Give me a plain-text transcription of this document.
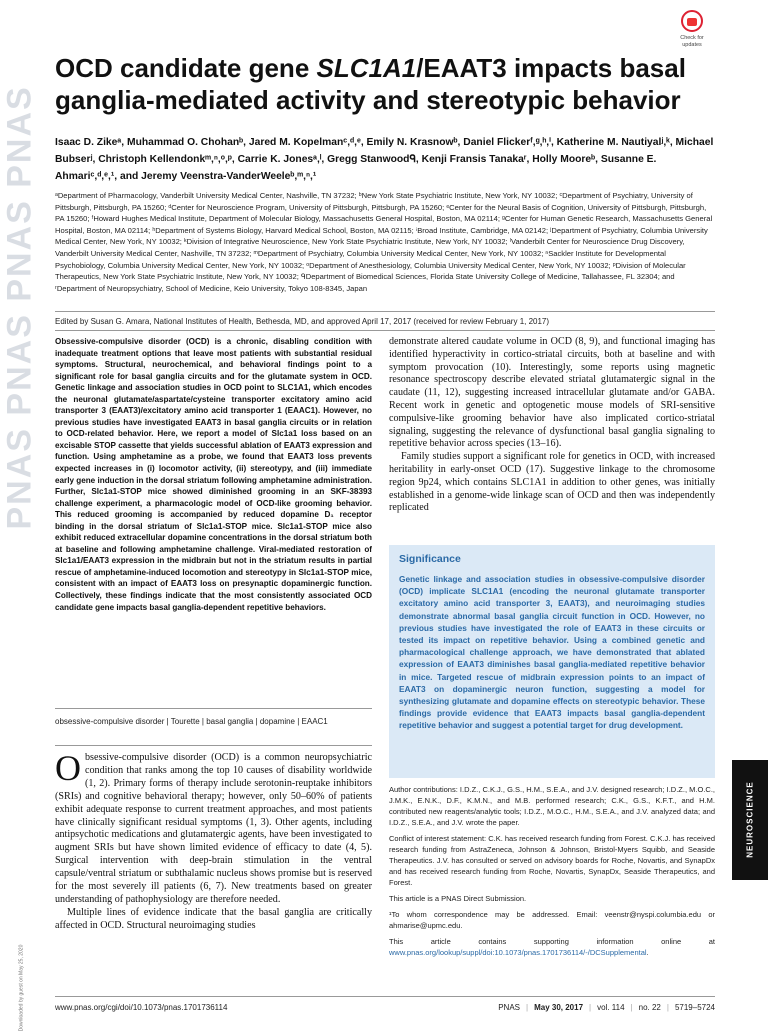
PNAS PNAS PNAS PNAS
Downloaded by guest on May 25, 2020
Check for updates
OCD candidate gene SLC1A1/EAAT3 impacts basal ganglia-mediated activity and stereotypic behavior
Isaac D. Zikeᵃ, Muhammad O. Chohanᵇ, Jared M. Kopelmanᶜ,ᵈ,ᵉ, Emily N. Krasnowᵇ, Daniel Flickerᶠ,ᵍ,ʰ,ⁱ, Katherine M. Nautiyalʲ,ᵏ, Michael Bubserʲ, Christoph Kellendonkᵐ,ⁿ,ᵒ,ᵖ, Carrie K. Jonesᵃ,ˡ, Gregg Stanwoodᑫ, Kenji Fransis Tanakaʳ, Holly Mooreᵇ, Susanne E. Ahmariᶜ,ᵈ,ᵉ,¹, and Jeremy Veenstra-VanderWeeleᵇ,ᵐ,ⁿ,¹
ᵃDepartment of Pharmacology, Vanderbilt University Medical Center, Nashville, TN 37232; ᵇNew York State Psychiatric Institute, New York, NY 10032; ᶜDepartment of Psychiatry, University of Pittsburgh, Pittsburgh, PA 15260; ᵈCenter for Neuroscience Program, University of Pittsburgh, Pittsburgh, PA 15260; ᵉCenter for the Neural Basis of Cognition, University of Pittsburgh, Pittsburgh, PA 15260; ᶠHoward Hughes Medical Institute, Department of Molecular Biology, Massachusetts General Hospital, Boston, MA 02114; ᵍCenter for Human Genetic Research, Massachusetts General Hospital, Boston, MA 02114; ʰDepartment of Systems Biology, Harvard Medical School, Boston, MA 02115; ⁱBroad Institute, Cambridge, MA 02142; ʲDepartment of Psychiatry, Columbia University Medical Center, New York, NY 10032; ᵏDivision of Integrative Neuroscience, New York State Psychiatric Institute, New York, NY 10032; ˡVanderbilt Center for Neuroscience Drug Discovery, Vanderbilt University Medical Center, Nashville, TN 37232; ᵐDepartment of Psychiatry, Columbia University Medical Center, New York, NY 10032; ⁿSackler Institute for Developmental Psychobiology, Columbia University Medical Center, New York, NY 10032; ᵒDepartment of Anesthesiology, Columbia University Medical Center, New York, NY 10032; ᵖDivision of Molecular Therapeutics, New York State Psychiatric Institute, New York, NY 10032; ᑫDepartment of Biomedical Sciences, Florida State University College of Medicine, Tallahassee, FL 32304; and ʳDepartment of Neuropsychiatry, School of Medicine, Keio University, Tokyo 108-8345, Japan
Edited by Susan G. Amara, National Institutes of Health, Bethesda, MD, and approved April 17, 2017 (received for review February 1, 2017)
Obsessive-compulsive disorder (OCD) is a chronic, disabling condition with inadequate treatment options that leave most patients with substantial residual symptoms. Structural, neurochemical, and behavioral findings point to a significant role for basal ganglia circuits and for the glutamate system in OCD. Genetic linkage and association studies in OCD point to SLC1A1, which encodes the neuronal glutamate/aspartate/cysteine transporter excitatory amino acid transporter 3 (EAAT3)/excitatory amino acid transporter 1 (EAAC1). However, no previous studies have investigated EAAT3 in basal ganglia circuits or in relation to OCD-related behavior. Here, we report a model of Slc1a1 loss based on an excisable STOP cassette that yields successful ablation of EAAT3 expression and function. Using amphetamine as a probe, we found that EAAT3 loss prevents expected increases in (i) locomotor activity, (ii) stereotypy, and (iii) immediate early gene induction in the dorsal striatum following amphetamine administration. Further, Slc1a1-STOP mice showed diminished grooming in an SKF-38393 challenge experiment, a pharmacologic model of OCD-like grooming behavior. This reduced grooming is accompanied by reduced dopamine D₁ receptor binding in the dorsal striatum of Slc1a1-STOP mice. Slc1a1-STOP mice also exhibit reduced extracellular dopamine concentrations in the dorsal striatum both at baseline and following amphetamine challenge. Viral-mediated restoration of Slc1a1/EAAT3 expression in the midbrain but not in the striatum results in partial rescue of amphetamine-induced locomotion and stereotypy in Slc1a1-STOP mice, consistent with an impact of EAAT3 loss on presynaptic dopaminergic function. Collectively, these findings indicate that the most consistently associated OCD candidate gene impacts basal ganglia-dependent repetitive behaviors.
obsessive-compulsive disorder | Tourette | basal ganglia | dopamine | EAAC1

Obsessive-compulsive disorder (OCD) is a common neuropsychiatric condition that ranks among the top 10 causes of disability worldwide (1, 2). Primary forms of therapy include serotonin-reuptake inhibitors (SRIs) and cognitive behavioral therapy; however, only 50–60% of patients exhibit adequate response to current treatment approaches, and most patients have clinically significant residual symptoms (1, 3). Other agents, including antipsychotic medications and glutamatergic agents, have been investigated to augment SRIs but have shown limited evidence of efficacy to date (4, 5). Surgical intervention with deep-brain stimulation in the ventral capsule/ventral striatum or subthalamic nucleus shows promise but is reserved for the most severely ill patients (6, 7). New treatments based on greater understanding of pathophysiology are therefore needed.

Multiple lines of evidence indicate that the basal ganglia are critically affected in OCD. Structural neuroimaging studies

demonstrate altered caudate volume in OCD (8, 9), and functional imaging has identified hyperactivity in cortico-striatal circuits, both at baseline and with symptom provocation (10). Interestingly, some reports using magnetic resonance spectroscopy describe elevated striatal glutamatergic signal in the caudate (11, 12), suggesting increased intracellular glutamate and/or GABA. Recent work in genetic and optogenetic mouse models of SRI-sensitive compulsive-like grooming behavior have also implicated cortico-striatal signaling, suggesting the relevance of dysfunctional basal ganglia signaling to repetitive behavior across species (13–16).

Family studies support a significant role for genetics in OCD, with increased heritability in early-onset OCD (17). Suggestive linkage to the chromosome region 9p24, which contains SLC1A1 in addition to other genes, was initially established in a genome-wide linkage scan of OCD and then was independently replicated

Significance
Genetic linkage and association studies in obsessive-compulsive disorder (OCD) implicate SLC1A1 (encoding the neuronal glutamate transporter excitatory amino acid transporter 3, EAAT3), and neuroimaging studies demonstrate abnormal basal ganglia circuit function in OCD. However, no previous studies have investigated the role of EAAT3 in these circuits or tested its impact on repetitive behavior. Using a combined genetic and pharmacological challenge approach, we have demonstrated that ablated expression of EAAT3 diminishes basal ganglia-mediated repetitive behavior in mice. Targeted rescue of midbrain expression points to an impact of EAAT3 on dopaminergic neuron function, suggesting a model for synthesizing glutamate and dopamine effects on stereotypic behavior. These findings provide evidence that EAAT3 impacts basal ganglia-dependent repetitive behavior and suggest a potential target for drug development.

Author contributions: I.D.Z., C.K.J., G.S., H.M., S.E.A., and J.V. designed research; I.D.Z., M.O.C., J.M.K., E.N.K., D.F., K.M.N., and M.B. performed research; C.K., G.S., K.F.T., and H.M. contributed new reagents/analytic tools; I.D.Z., M.O.C., H.M., S.E.A., and J.V. analyzed data; and I.D.Z., S.E.A., and J.V. wrote the paper.

Conflict of interest statement: C.K. has received research funding from Forest. C.K.J. has received research funding from AstraZeneca, Johnson & Johnson, Bristol-Myers Squibb, and Seaside Therapeutics. J.V. has consulted or served on advisory boards for Roche, Novartis, and SynapDx and has received research funding from Roche, Novartis, SynapDx, Seaside Therapeutics, and Forest.

This article is a PNAS Direct Submission.

¹To whom correspondence may be addressed. Email: veenstr@nyspi.columbia.edu or ahmarise@upmc.edu.

This article contains supporting information online at www.pnas.org/lookup/suppl/doi:10.1073/pnas.1701736114/-/DCSupplemental.

NEUROSCIENCE
www.pnas.org/cgi/doi/10.1073/pnas.1701736114	PNAS | May 30, 2017 | vol. 114 | no. 22 | 5719–5724
